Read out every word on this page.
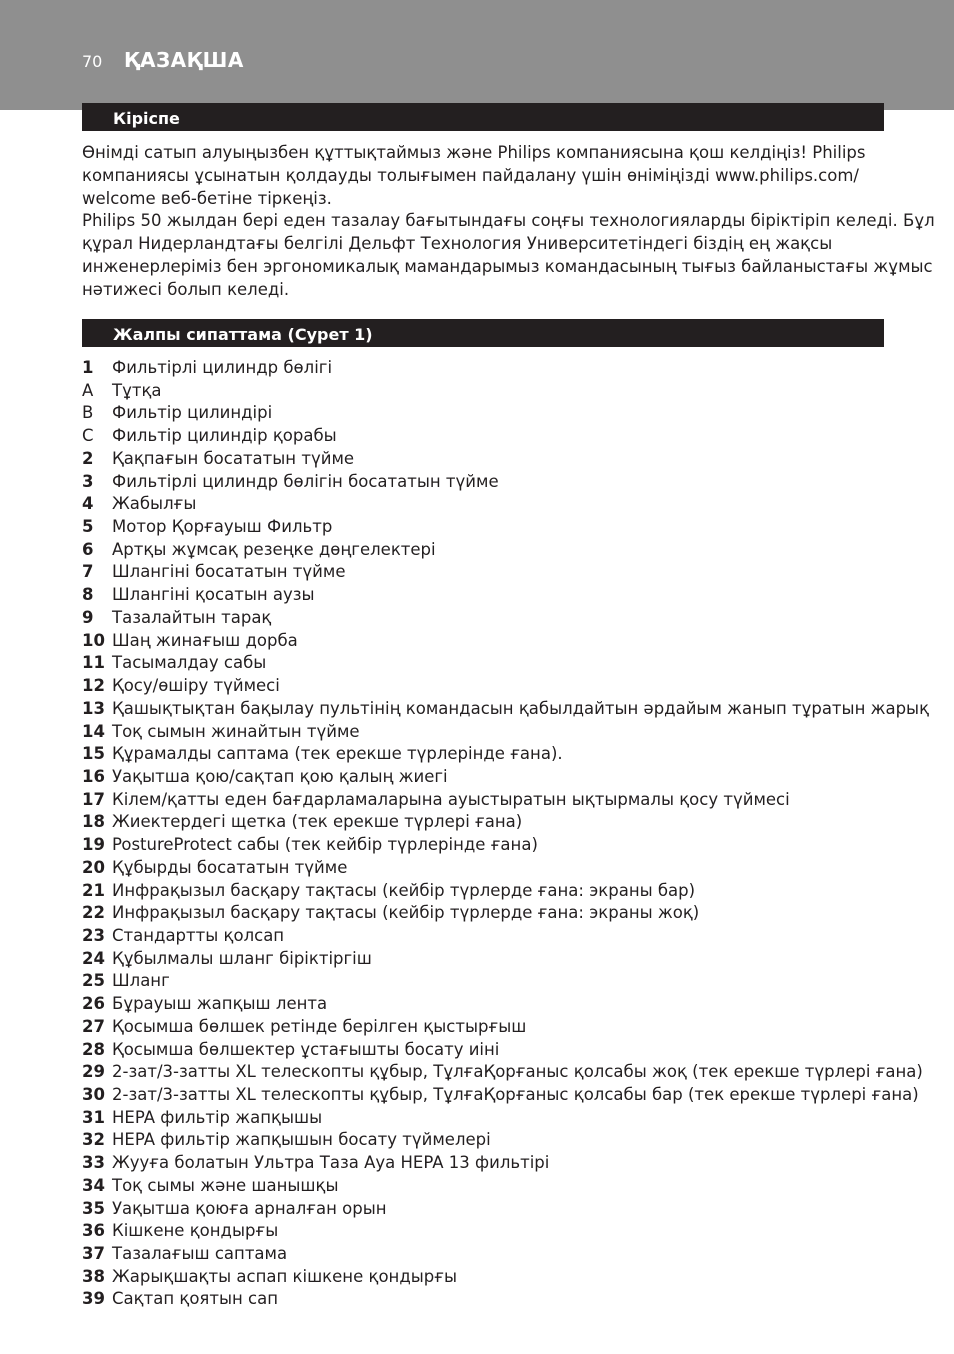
70 ҚАЗАҚША
Кіріспе

Өнімді сатып алуыңызбен құттықтаймыз және Philips компаниясына қош келдіңіз! Philips
компаниясы ұсынатын қолдауды толығымен пайдалану үшін өніміңізді www.philips.com/
welcome веб-бетіне тіркеңіз.

Philips 50 жылдан бері еден тазалау бағытындағы соңғы технологияларды біріктіріп келеді. Бұл
құрал Нидерландтағы белгілі Дельфт Технология Университетіндегі біздің ең жақсы
инженерлеріміз бен эргономикалық мамандарымыз командасының тығыз байланыстағы жұмыс
нәтижесі болып келеді.

Жалпы сипаттама (Сурет 1)
1	Фильтірлі цилиндр бөлігі
A	Тұтқа
B	Фильтір цилиндірі
C	Фильтір цилиндір қорабы
2	Қақпағын босататын түйме
3	Фильтірлі цилиндр бөлігін босататын түйме
4	Жабылғы
5	Мотор Қорғауыш Фильтр
6	Артқы жұмсақ резеңке дөңгелектері
7	Шлангіні босататын түйме
8	Шлангіні қосатын аузы
9	Тазалайтын тарақ
10 Шаң жинағыш дорба
11 Тасымалдау сабы
12 Қосу/өшіру түймесі
13 Қашықтықтан бақылау пультінің командасын қабылдайтын әрдайым жанып тұратын жарық
14 Тоқ сымын жинайтын түйме
15 Құрамалды саптама (тек ерекше түрлерінде ғана).
16 Уақытша қою/сақтап қою қалың жиегі
17 Кілем/қатты еден бағдарламаларына ауыстыратын ықтырмалы қосу түймесі
18 Жиектердегі щетка (тек ерекше түрлері ғана)
19 PostureProtect сабы (тек кейбір түрлерінде ғана)
20 Құбырды босататын түйме
21 Инфрақызыл басқару тақтасы (кейбір түрлерде ғана: экраны бар)
22 Инфрақызыл басқару тақтасы (кейбір түрлерде ғана: экраны жоқ)
23 Стандартты қолсап
24 Құбылмалы шланг біріктіргіш
25 Шланг
26 Бұрауыш жапқыш лента
27 Қосымша бөлшек ретінде берілген қыстырғыш
28 Қосымша бөлшектер ұстағышты босату иіні
29 2-зат/3-затты XL телескопты құбыр, ТұлғаҚорғаныс қолсабы жоқ (тек ерекше түрлері ғана)
30 2-зат/3-затты XL телескопты құбыр, ТұлғаҚорғаныс қолсабы бар (тек ерекше түрлері ғана)
31 HEPA фильтір жапқышы
32 HEPA фильтір жапқышын босату түймелері
33 Жууға болатын Ультра Таза Ауа HEPA 13 фильтірі
34 Тоқ сымы және шанышқы
35 Уақытша қоюға арналған орын
36 Кішкене қондырғы
37 Тазалағыш саптама
38 Жарықшақты аспап кішкене қондырғы
39 Сақтап қоятын сап
